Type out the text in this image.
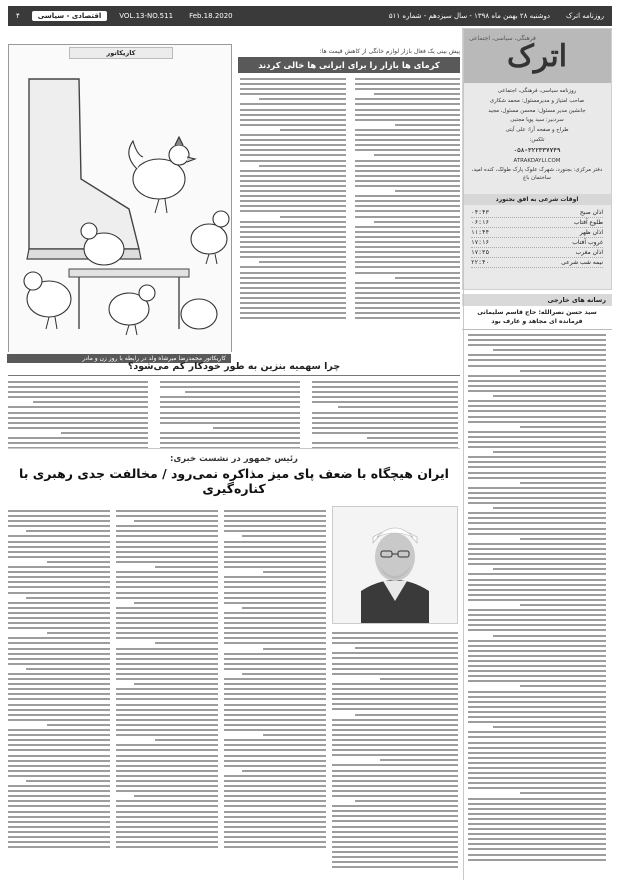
روزنامه اترک
دوشنبه ۲۸ بهمن ماه ۱۳۹۸ - سال سیزدهم - شماره ۵۱۱
Feb.18.2020
VOL.13-NO.511
اقتصادی - سیاسی
۴
اترک
فرهنگی، سیاسی، اجتماعی

روزنامه سیاسی، فرهنگی، اجتماعی

صاحب امتیاز و مدیرمسئول: محمد شکاری

جانشین مدیر مسئول: محسن مسئول، مجید

سردبیر: سید پویا مجتبی

طراح و صفحه آرا: علی آیتی

تلکس:

۰۵۸-۳۲۲۳۳۷۷۴۹

ATRAKDAYLI.COM

دفتر مرکزی: بجنورد، شهرک علوک پارک طولک، کنده امید، ساختمان باغ

اوقات شرعی به افق بجنورد
اذان صبح
۰۴:۴۳
طلوع آفتاب
۰۶:۱۶
اذان ظهر
۱۱:۴۴
غروب آفتاب
۱۷:۱۶
اذان مغرب
۱۷:۳۵
نیمه شب شرعی
۲۲:۴۰
رسانه های خارجی
سید حسن نصرالله: حاج قاسم سلیمانی فرمانده ای مجاهد و عارف بود
پیش بینی یک فعال بازار لوازم خانگی از کاهش قیمت ها:
کرمای ها بازار را برای ایرانی ها خالی کردند
کاریکاتور
کاریکاتور محمدرضا میرشاه ولد در رابطه با روز زن و مادر
چرا سهمیه بنزین به طور خودکار کم می‌شود؟
رئیس جمهور در نشست خبری:
ایران هیچگاه با ضعف پای میز مذاکره نمی‌رود / مخالفت جدی رهبری با کناره‌گیری
